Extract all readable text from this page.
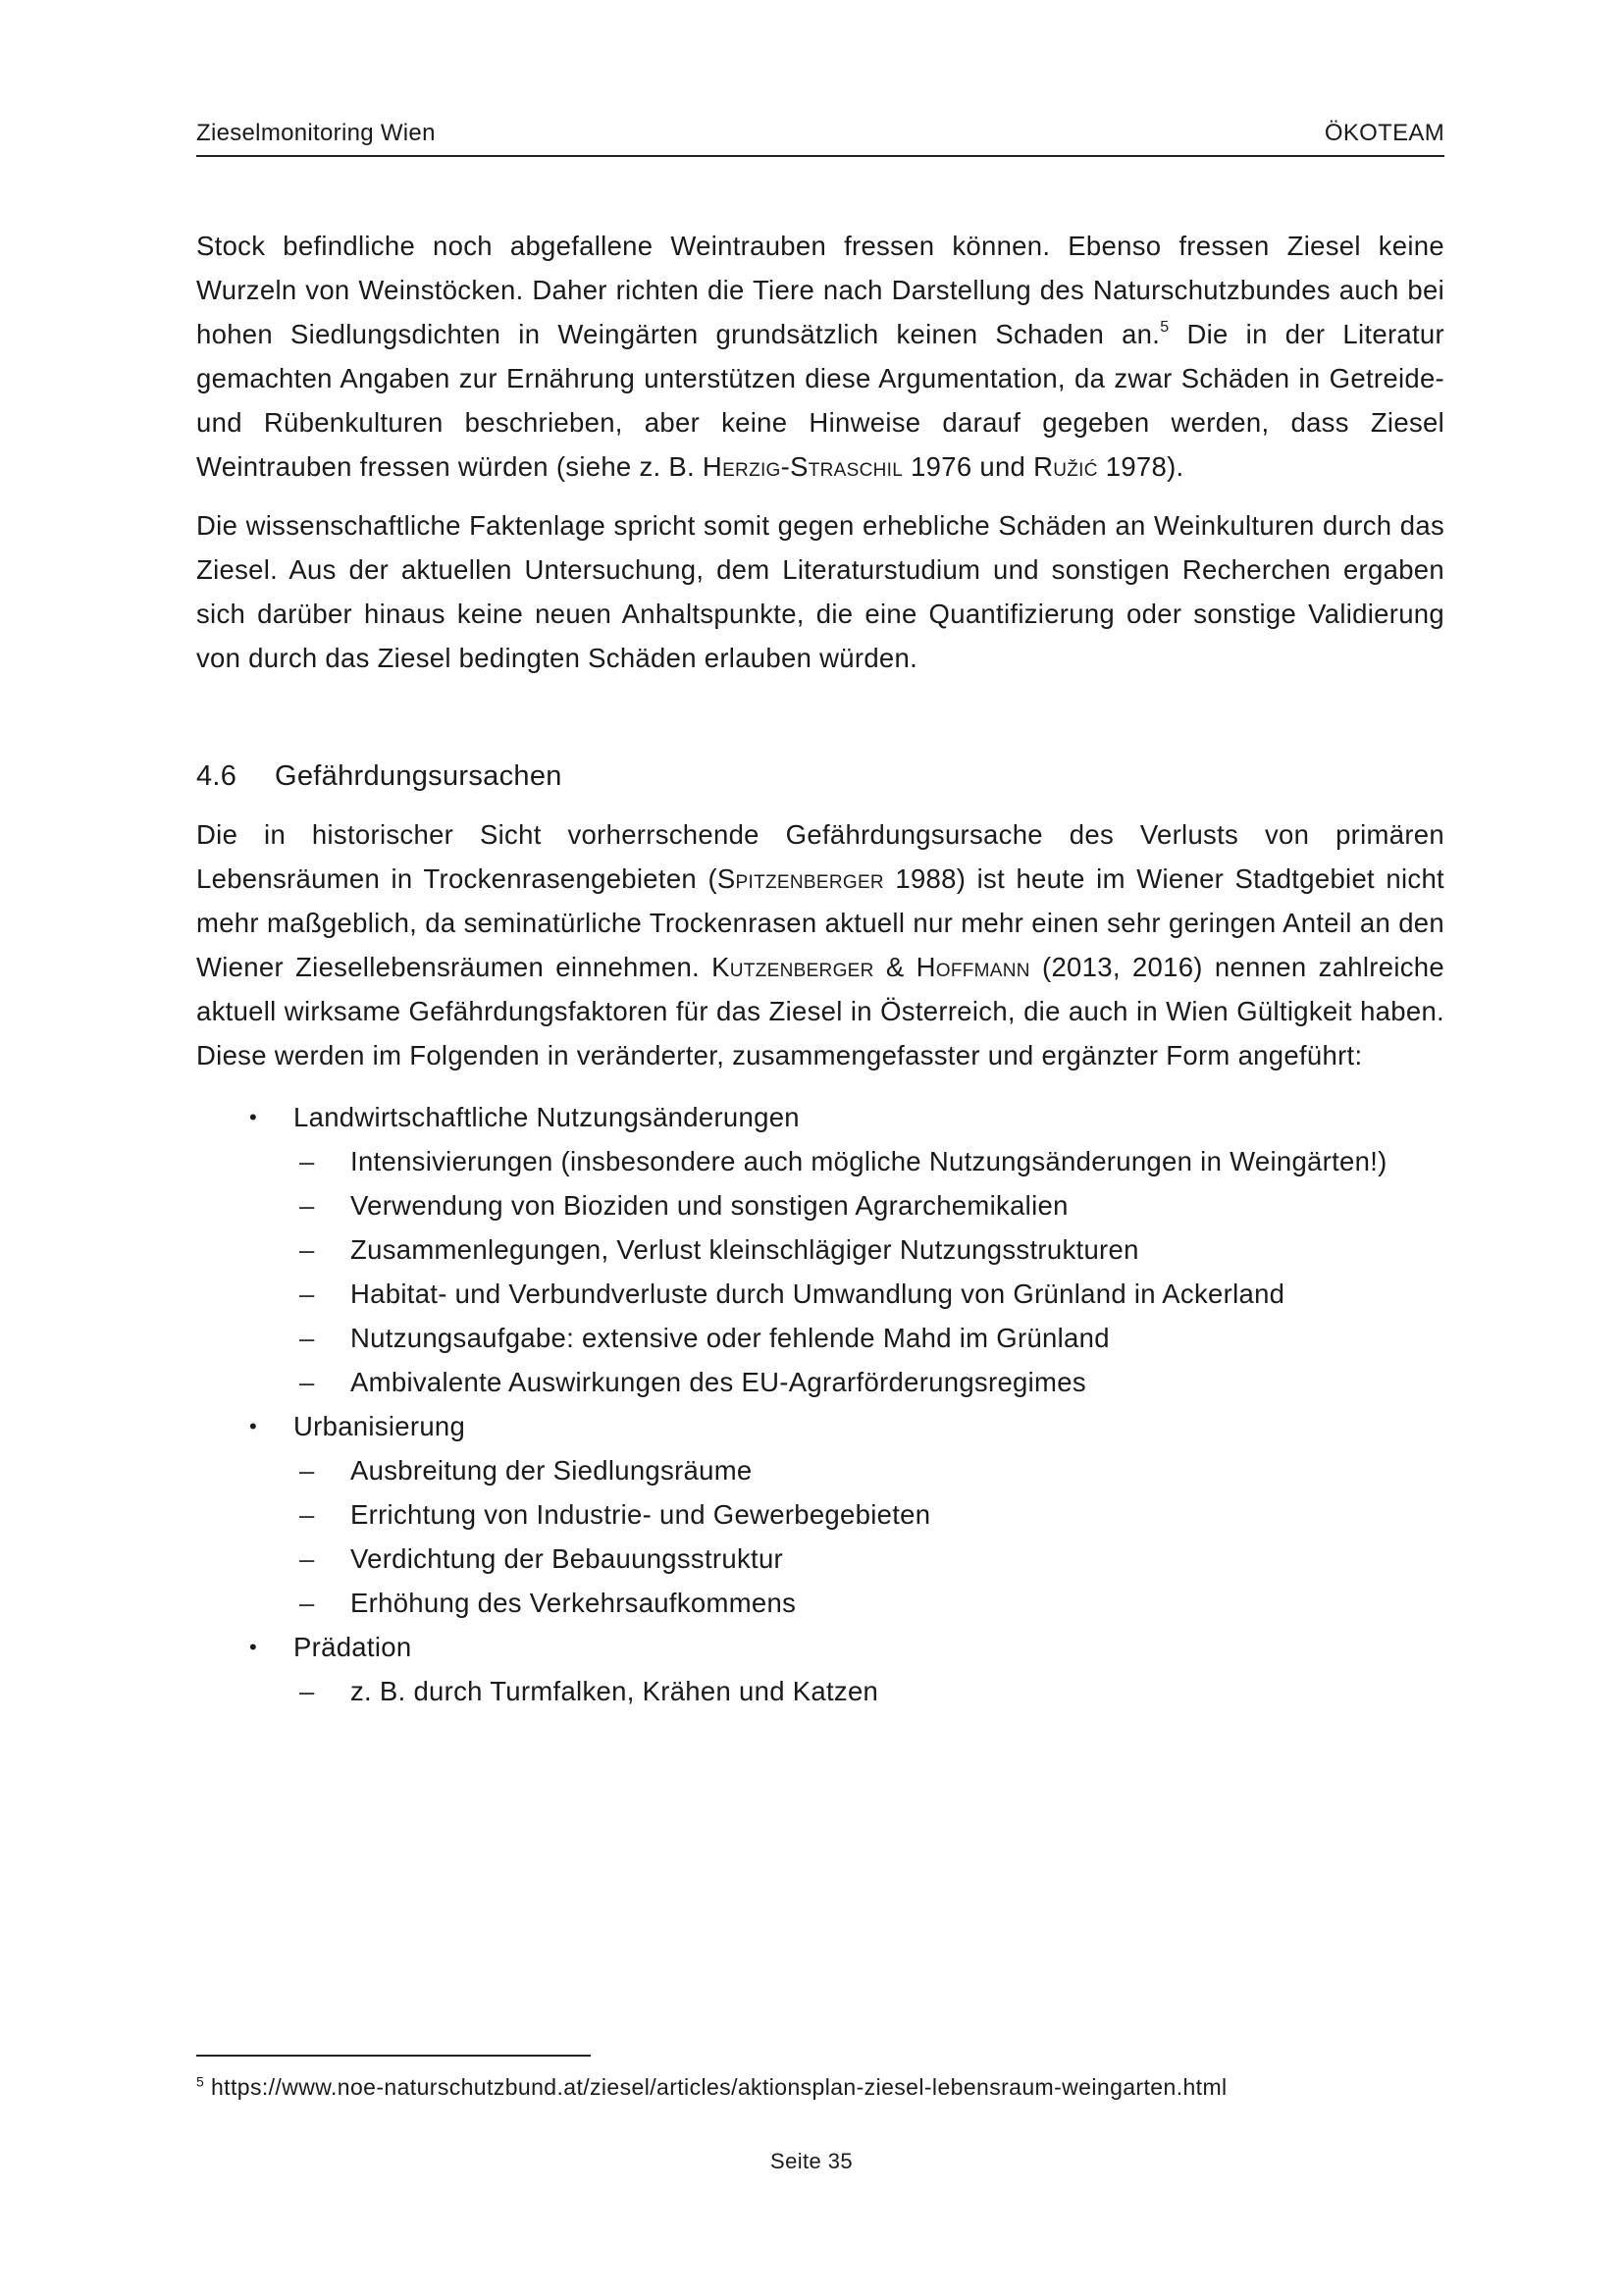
Zieselmonitoring Wien	ÖKOTEAM

Stock befindliche noch abgefallene Weintrauben fressen können. Ebenso fressen Ziesel keine Wurzeln von Weinstöcken. Daher richten die Tiere nach Darstellung des Naturschutzbundes auch bei hohen Siedlungsdichten in Weingärten grundsätzlich keinen Schaden an.$^5$ Die in der Literatur gemachten Angaben zur Ernährung unterstützen diese Argumentation, da zwar Schäden in Getreide- und Rübenkulturen beschrieben, aber keine Hinweise darauf gegeben werden, dass Ziesel Weintrauben fressen würden (siehe z. B. Herzig-Straschil 1976 und Ružić 1978).

Die wissenschaftliche Faktenlage spricht somit gegen erhebliche Schäden an Weinkulturen durch das Ziesel. Aus der aktuellen Untersuchung, dem Literaturstudium und sonstigen Recherchen ergaben sich darüber hinaus keine neuen Anhaltspunkte, die eine Quantifizierung oder sonstige Validierung von durch das Ziesel bedingten Schäden erlauben würden.

4.6 Gefährdungsursachen

Die in historischer Sicht vorherrschende Gefährdungsursache des Verlusts von primären Lebensräumen in Trockenrasengebieten (Spitzenberger 1988) ist heute im Wiener Stadtgebiet nicht mehr maßgeblich, da seminatürliche Trockenrasen aktuell nur mehr einen sehr geringen Anteil an den Wiener Ziesellebensräumen einnehmen. Kutzenberger & Hoffmann (2013, 2016) nennen zahlreiche aktuell wirksame Gefährdungsfaktoren für das Ziesel in Österreich, die auch in Wien Gültigkeit haben. Diese werden im Folgenden in veränderter, zusammengefasster und ergänzter Form angeführt:

• Landwirtschaftliche Nutzungsänderungen
– Intensivierungen (insbesondere auch mögliche Nutzungsänderungen in Weingärten!)
– Verwendung von Bioziden und sonstigen Agrarchemikalien
– Zusammenlegungen, Verlust kleinschlägiger Nutzungsstrukturen
– Habitat- und Verbundverluste durch Umwandlung von Grünland in Ackerland
– Nutzungsaufgabe: extensive oder fehlende Mahd im Grünland
– Ambivalente Auswirkungen des EU-Agrarförderungsregimes
• Urbanisierung
– Ausbreitung der Siedlungsräume
– Errichtung von Industrie- und Gewerbegebieten
– Verdichtung der Bebauungsstruktur
– Erhöhung des Verkehrsaufkommens
• Prädation
– z. B. durch Turmfalken, Krähen und Katzen
$^5$ https://www.noe-naturschutzbund.at/ziesel/articles/aktionsplan-ziesel-lebensraum-weingarten.html
Seite 35
